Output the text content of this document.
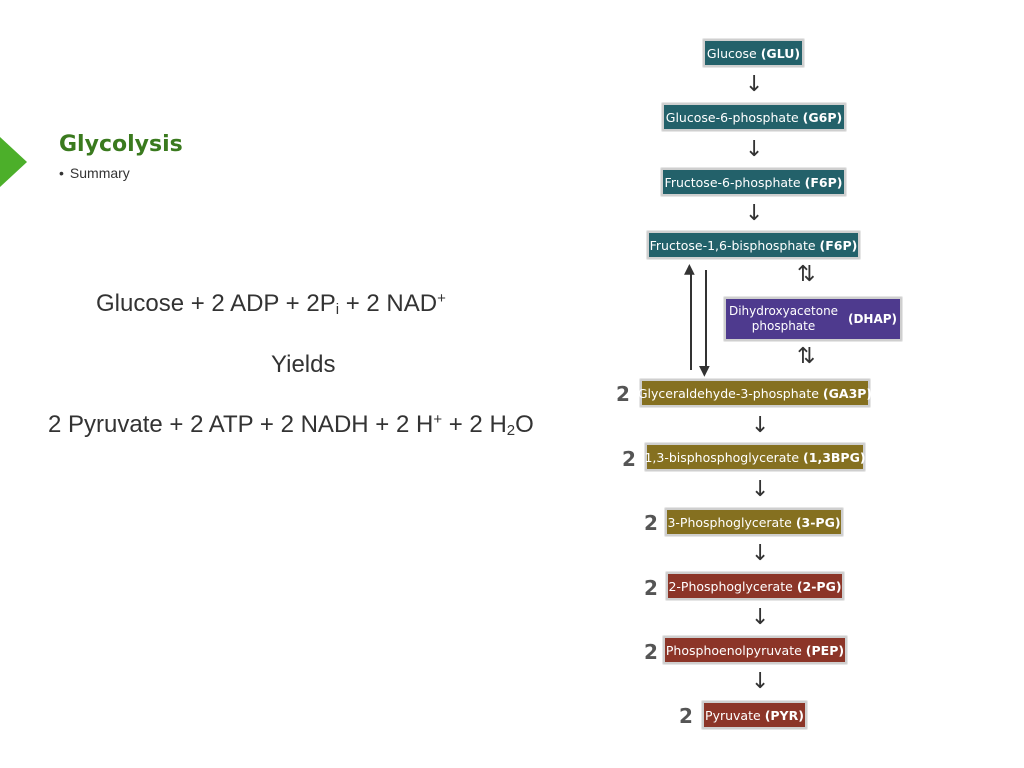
Glycolysis
• Summary
Glucose + 2 ADP + $2P_i + 2$ NAD+
Yields
2 Pyruvate + 2 ATP + 2 NADH + 2 H+ + 2 $H_2O$
Glucose (GLU)
↓
Glucose-6-phosphate (G6P)
↓
Fructose-6-phosphate (F6P)
↓
Fructose-1,6-bisphosphate (F6P)
⇅
Dihydroxyacetone
phosphate	(DHAP)
⇅
▲
▼
2 Glyceraldehyde-3-phosphate (GA3P)
↓
2 1,3-bisphosphoglycerate (1,3BPG)
↓
2 3-Phosphoglycerate (3-PG)
↓
2 2-Phosphoglycerate (2-PG)
↓
2 Phosphoenolpyruvate (PEP)
↓
2 Pyruvate (PYR)
